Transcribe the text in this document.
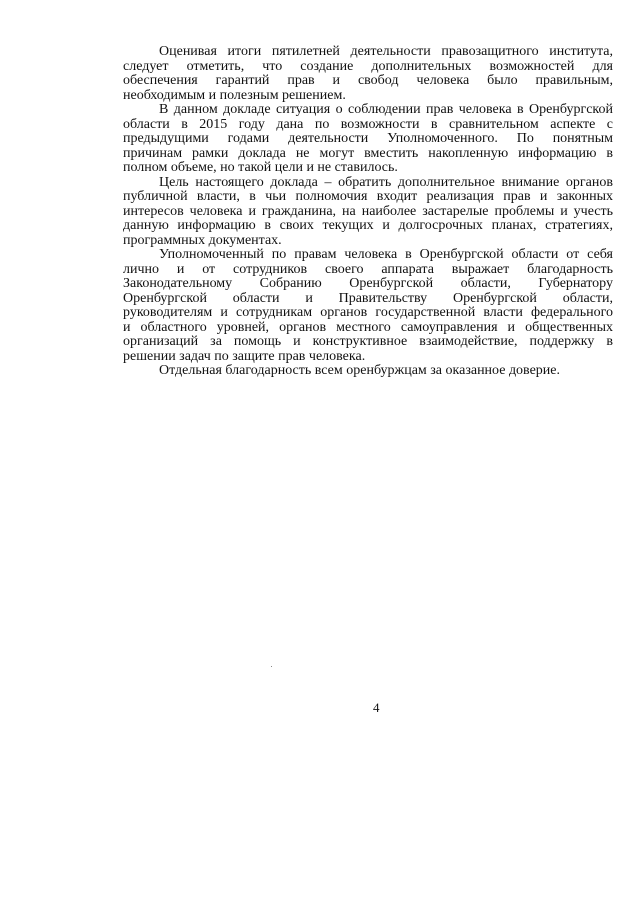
Оценивая итоги пятилетней деятельности правозащитного института,
следует отметить, что создание дополнительных возможностей для
обеспечения гарантий прав и свобод человека было правильным,
необходимым и полезным решением.
В данном докладе ситуация о соблюдении прав человека в Оренбургской
области в 2015 году дана по возможности в сравнительном аспекте с
предыдущими годами деятельности Уполномоченного. По понятным
причинам рамки доклада не могут вместить накопленную информацию в
полном объеме, но такой цели и не ставилось.
Цель настоящего доклада – обратить дополнительное внимание органов
публичной власти, в чьи полномочия входит реализация прав и законных
интересов человека и гражданина, на наиболее застарелые проблемы и учесть
данную информацию в своих текущих и долгосрочных планах, стратегиях,
программных документах.
Уполномоченный по правам человека в Оренбургской области от себя
лично и от сотрудников своего аппарата выражает благодарность
Законодательному Собранию Оренбургской области, Губернатору
Оренбургской области и Правительству Оренбургской области,
руководителям и сотрудникам органов государственной власти федерального
и областного уровней, органов местного самоуправления и общественных
организаций за помощь и конструктивное взаимодействие, поддержку в
решении задач по защите прав человека.
Отдельная благодарность всем оренбуржцам за оказанное доверие.
4
